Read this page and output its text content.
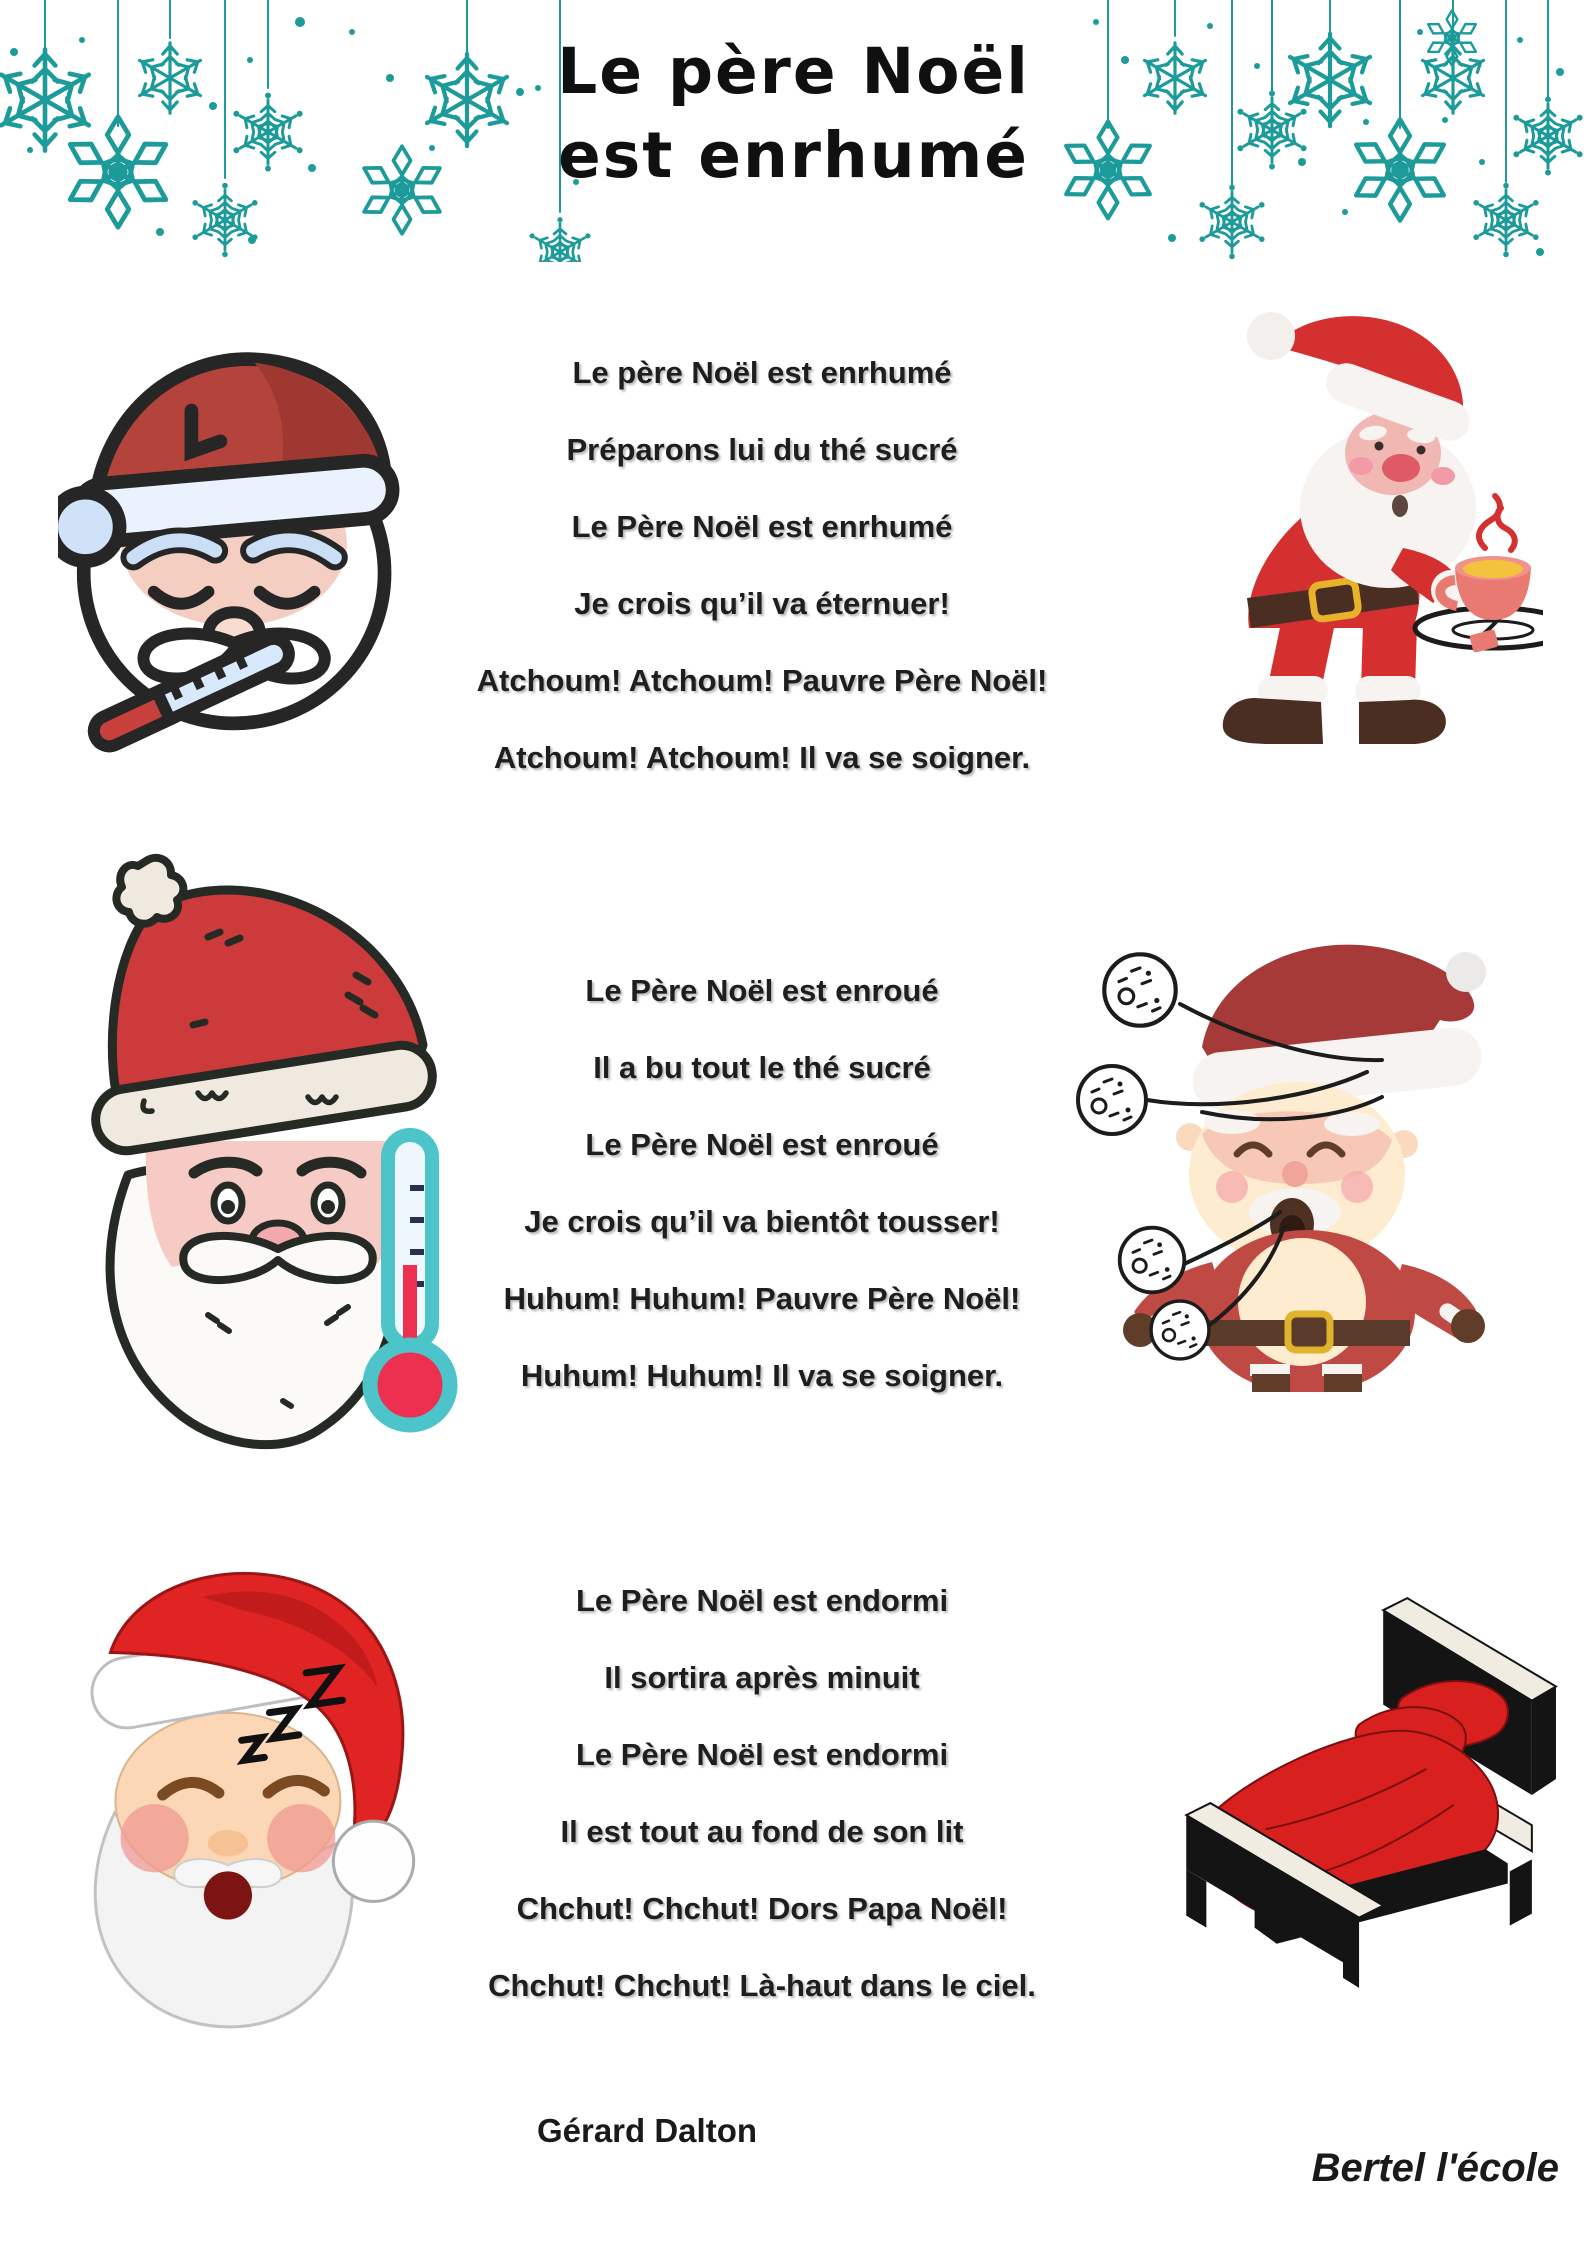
Le père Noël
est enrhumé

Le père Noël est enrhumé

Préparons lui du thé sucré

Le Père Noël est enrhumé

Je crois qu’il va éternuer!

Atchoum! Atchoum! Pauvre Père Noël!

Atchoum! Atchoum! Il va se soigner.

Le Père Noël est enroué

Il a bu tout le thé sucré

Le Père Noël est enroué

Je crois qu’il va bientôt tousser!

Huhum! Huhum! Pauvre Père Noël!

Huhum! Huhum! Il va se soigner.

Le Père Noël est endormi

Il sortira après minuit

Le Père Noël est endormi

Il est tout au fond de son lit

Chchut! Chchut! Dors Papa Noël!

Chchut! Chchut! Là-haut dans le ciel.

Gérard Dalton
Bertel l'école
